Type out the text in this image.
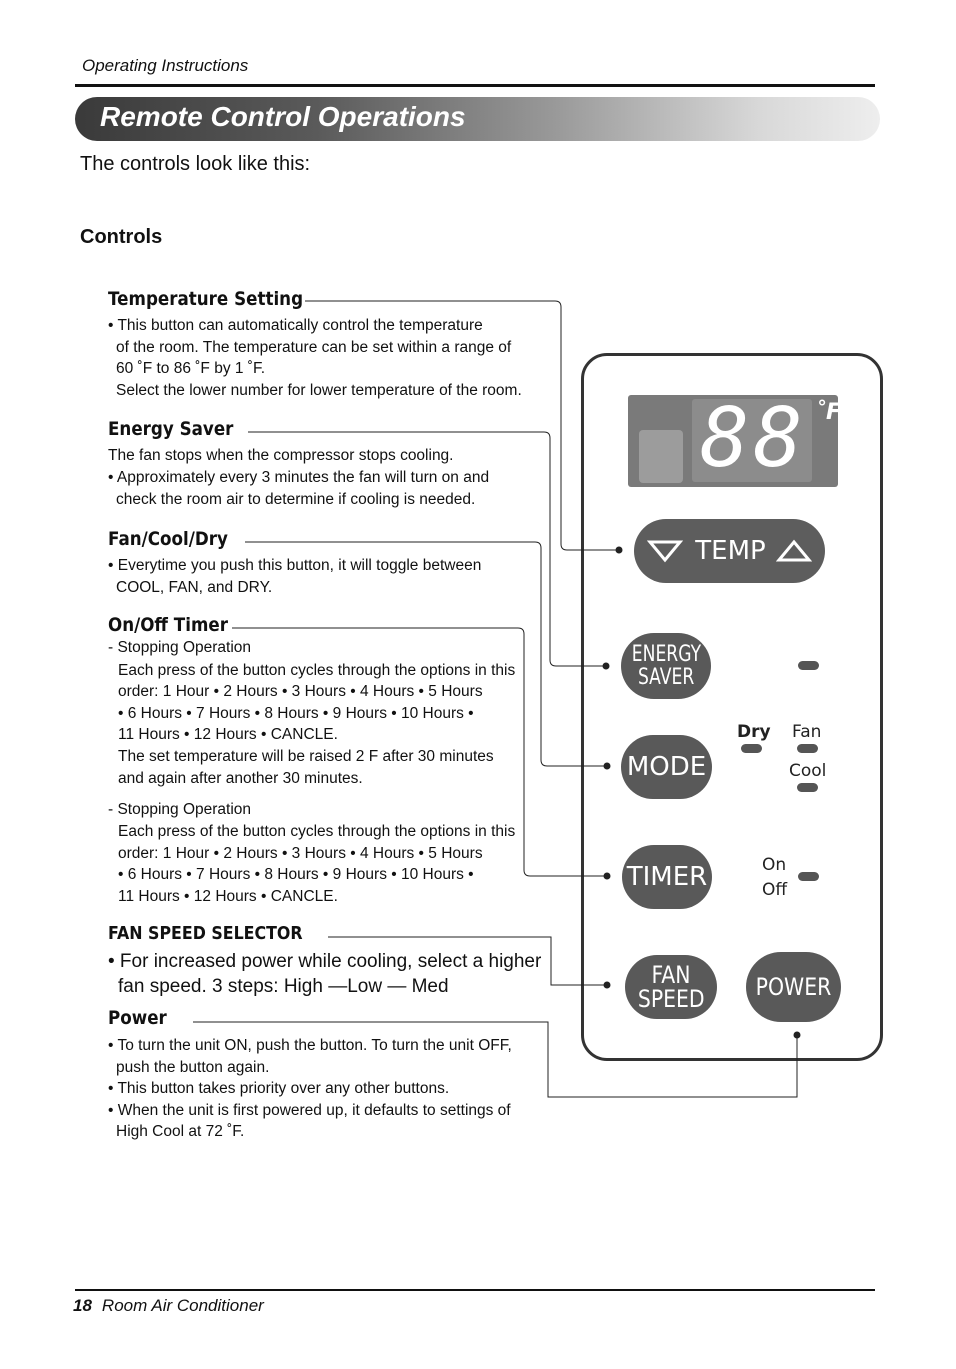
Operating Instructions
Remote Control Operations
The controls look like this:
Controls
Temperature Setting
• This button can automatically control the temperature
of the room. The temperature can be set within a range of
60 ˚F to 86 ˚F by 1 ˚F.
Select the lower number for lower temperature of the room.
Energy Saver
The fan stops when the compressor stops cooling.
• Approximately every 3 minutes the fan will turn on and
check the room air to determine if cooling is needed.
Fan/Cool/Dry
• Everytime you push this button, it will toggle between
COOL, FAN, and DRY.
On/Off Timer
- Stopping Operation
Each press of the button cycles through the options in this
order: 1 Hour • 2 Hours • 3 Hours • 4 Hours • 5 Hours
• 6 Hours • 7 Hours • 8 Hours • 9 Hours • 10 Hours •
11 Hours • 12 Hours • CANCLE.
The set temperature will be raised 2 F after 30 minutes
and again after another 30 minutes.
- Stopping Operation
Each press of the button cycles through the options in this
order: 1 Hour • 2 Hours • 3 Hours • 4 Hours • 5 Hours
• 6 Hours • 7 Hours • 8 Hours • 9 Hours • 10 Hours •
11 Hours • 12 Hours • CANCLE.
FAN SPEED SELECTOR
• For increased power while cooling, select a higher
fan speed. 3 steps: High —Low — Med
Power
• To turn the unit ON, push the button. To turn the unit OFF,
push the button again.
• This button takes priority over any other buttons.
• When the unit is first powered up, it defaults to settings of
High Cool at 72 ˚F.
88 ˚F
TEMP
ENERGY
SAVER
MODE
Dry Fan
Cool
TIMER	On
Off
FAN
SPEED POWER
18 Room Air Conditioner
